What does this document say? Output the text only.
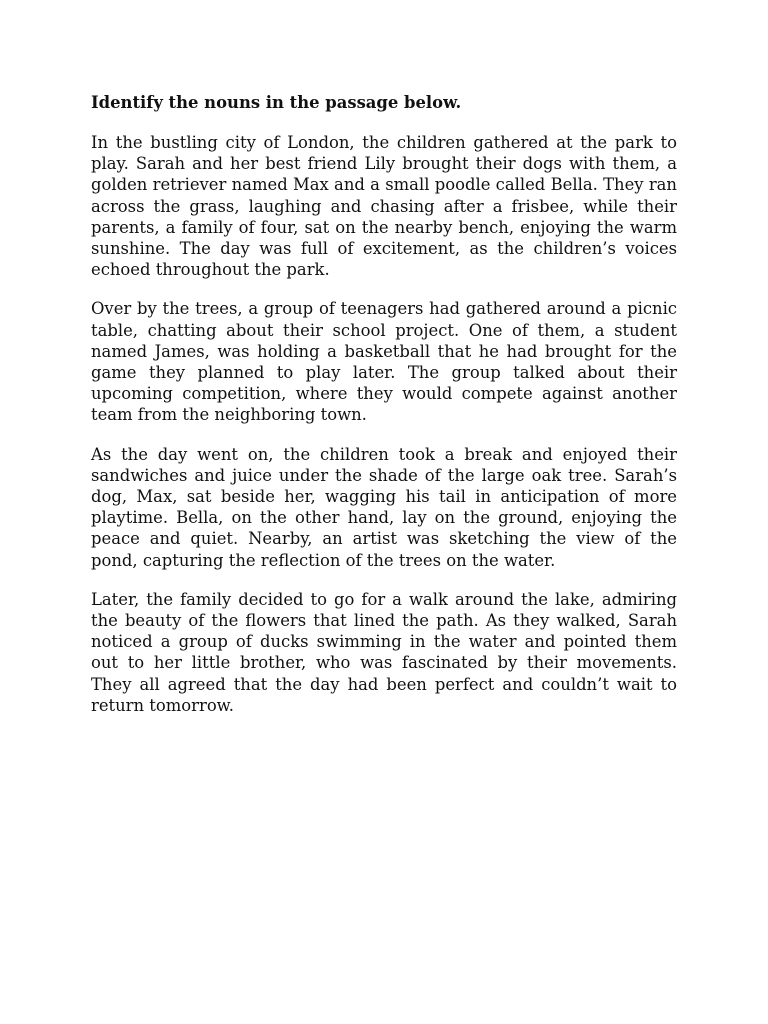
Identify the nouns in the passage below.

In the bustling city of London, the children gathered at the park to play. Sarah and her best friend Lily brought their dogs with them, a golden retriever named Max and a small poodle called Bella. They ran across the grass, laughing and chasing after a frisbee, while their parents, a family of four, sat on the nearby bench, enjoying the warm sunshine. The day was full of excitement, as the children’s voices echoed throughout the park.

Over by the trees, a group of teenagers had gathered around a picnic table, chatting about their school project. One of them, a student named James, was holding a basketball that he had brought for the game they planned to play later. The group talked about their upcoming competition, where they would compete against another team from the neighboring town.

As the day went on, the children took a break and enjoyed their sandwiches and juice under the shade of the large oak tree. Sarah’s dog, Max, sat beside her, wagging his tail in anticipation of more playtime. Bella, on the other hand, lay on the ground, enjoying the peace and quiet. Nearby, an artist was sketching the view of the pond, capturing the reflection of the trees on the water.

Later, the family decided to go for a walk around the lake, admiring the beauty of the flowers that lined the path. As they walked, Sarah noticed a group of ducks swimming in the water and pointed them out to her little brother, who was fascinated by their movements. They all agreed that the day had been perfect and couldn’t wait to return tomorrow.
